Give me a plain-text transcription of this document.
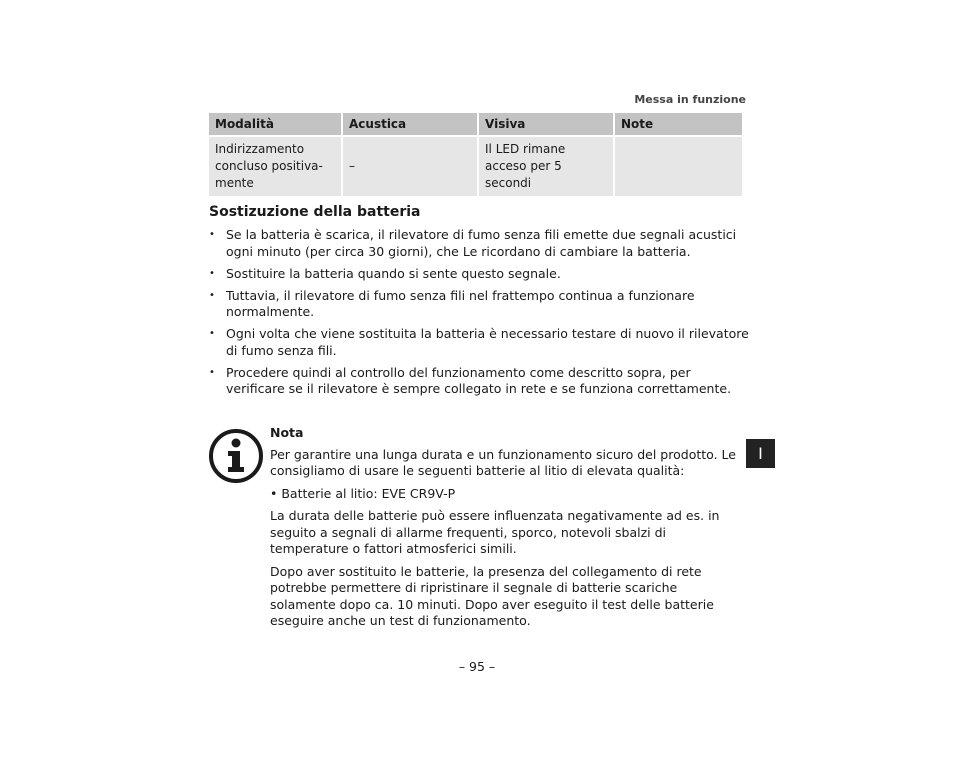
Messa in funzione
Modalità	Acustica	Visiva	Note
Indirizzamento concluso positiva-mente	–	Il LED rimane acceso per 5 secondi	
Sostizuzione della batteria
• Se la batteria è scarica, il rilevatore di fumo senza fili emette due segnali acustici ogni minuto (per circa 30 giorni), che Le ricordano di cambiare la batteria.
• Sostituire la batteria quando si sente questo segnale.
• Tuttavia, il rilevatore di fumo senza fili nel frattempo continua a funzionare normalmente.
• Ogni volta che viene sostituita la batteria è necessario testare di nuovo il rilevatore di fumo senza fili.
• Procedere quindi al controllo del funzionamento come descritto sopra, per verificare se il rilevatore è sempre collegato in rete e se funziona correttamente.
Nota

Per garantire una lunga durata e un funzionamento sicuro del prodotto. Le consigliamo di usare le seguenti batterie al litio di elevata qualità:

• Batterie al litio: EVE CR9V-P

La durata delle batterie può essere influenzata negativamente ad es. in seguito a segnali di allarme frequenti, sporco, notevoli sbalzi di temperature o fattori atmosferici simili.

Dopo aver sostituito le batterie, la presenza del collegamento di rete potrebbe permettere di ripristinare il segnale di batterie scariche solamente dopo ca. 10 minuti. Dopo aver eseguito il test delle batterie eseguire anche un test di funzionamento.

I
– 95 –
